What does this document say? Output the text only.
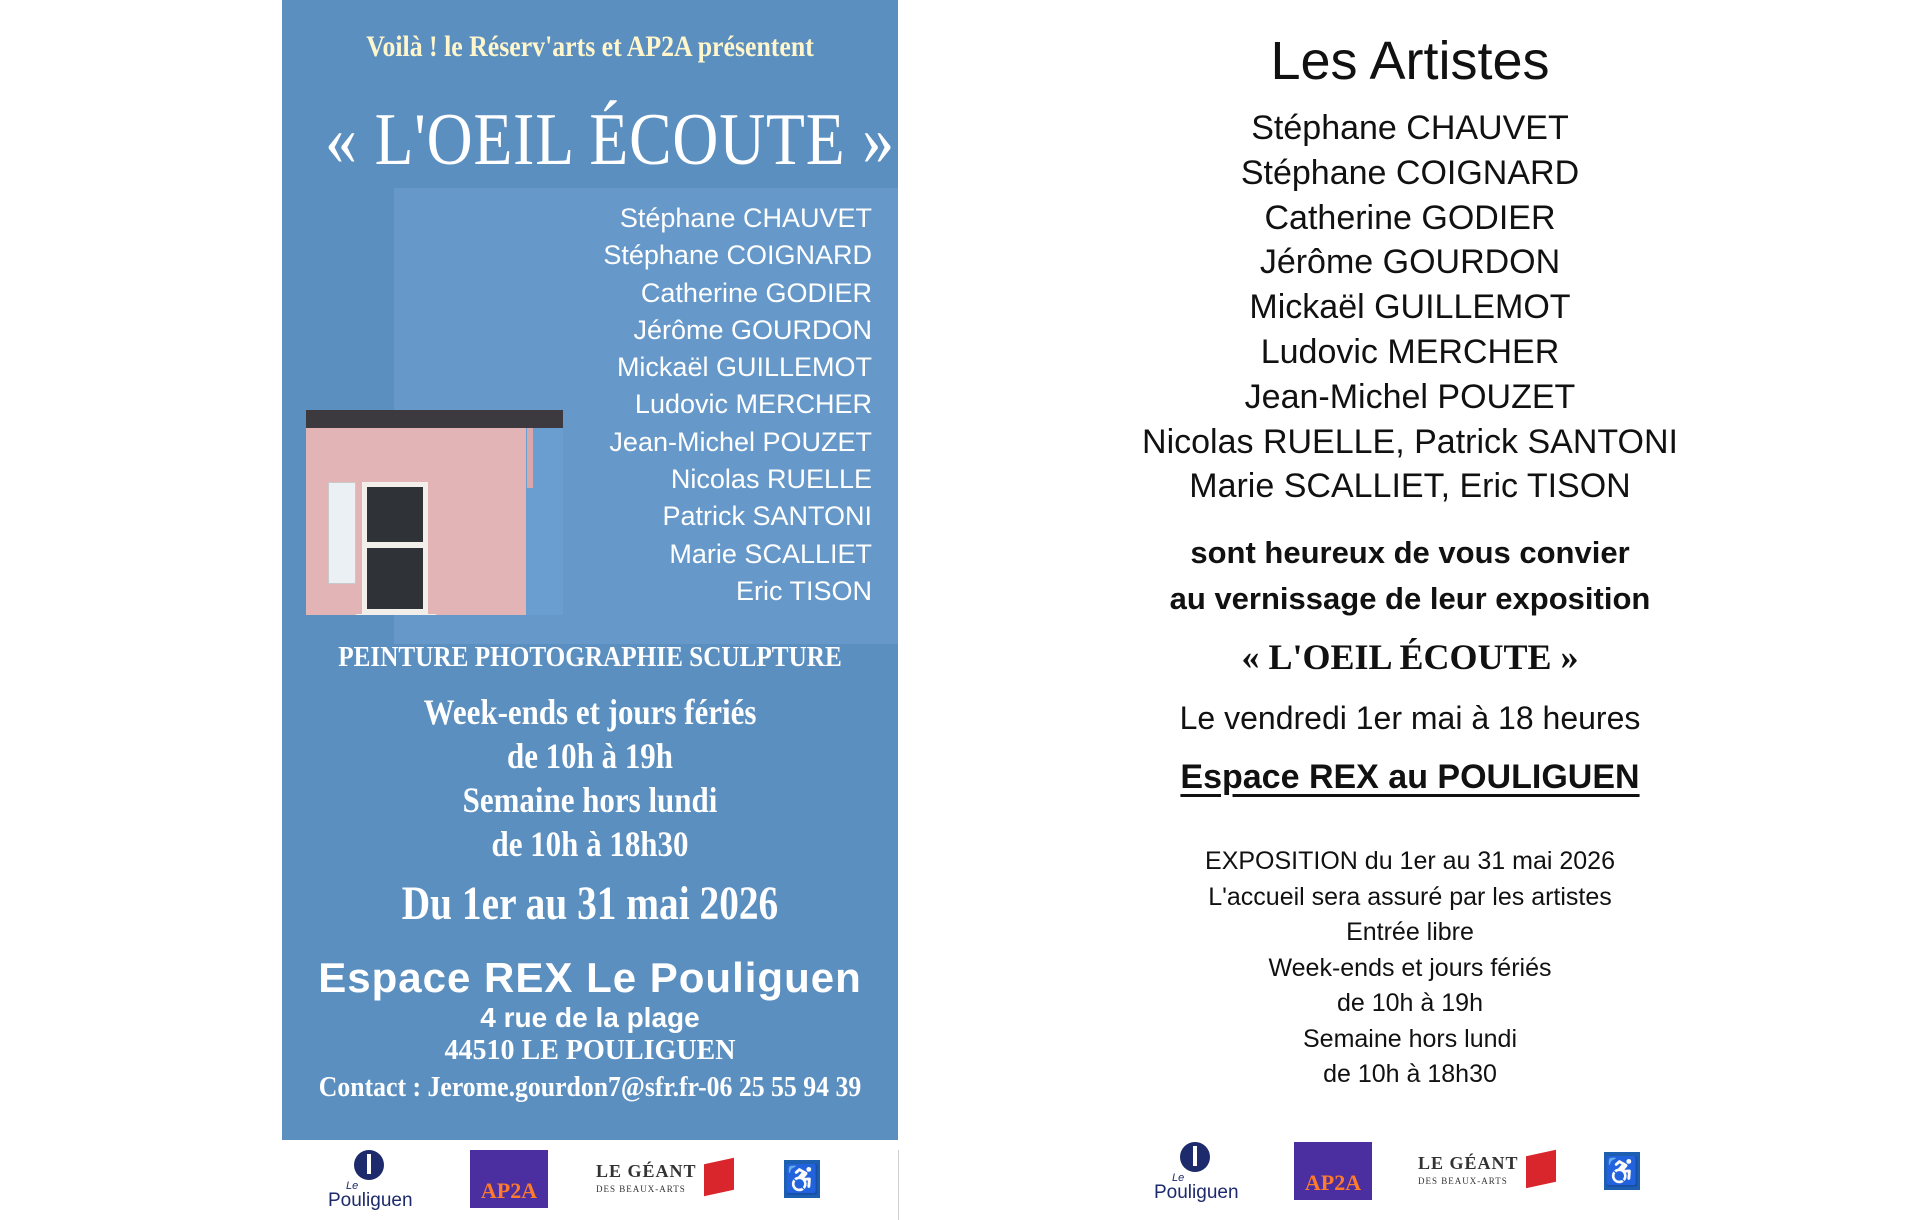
Voilà ! le Réserv'arts et AP2A présentent
« L'OEIL ÉCOUTE »
Stéphane CHAUVET
Stéphane COIGNARD
Catherine GODIER
Jérôme GOURDON
Mickaël GUILLEMOT
Ludovic MERCHER
Jean-Michel POUZET
Nicolas RUELLE
Patrick SANTONI
Marie SCALLIET
Eric TISON
PEINTURE PHOTOGRAPHIE SCULPTURE
Week-ends et jours fériés
de 10h à 19h
Semaine hors lundi
de 10h à 18h30
Du 1er au 31 mai 2026
Espace REX Le Pouliguen
4 rue de la plage
44510 LE POULIGUEN
Contact : Jerome.gourdon7@sfr.fr-06 25 55 94 39
Le
Pouliguen	AP2A
LE GÉANT
DES BEAUX-ARTS	♿
Les Artistes
Stéphane CHAUVET
Stéphane COIGNARD
Catherine GODIER
Jérôme GOURDON
Mickaël GUILLEMOT
Ludovic MERCHER
Jean-Michel POUZET
Nicolas RUELLE, Patrick SANTONI
Marie SCALLIET, Eric TISON
sont heureux de vous convier
au vernissage de leur exposition
« L'OEIL ÉCOUTE »
Le vendredi 1er mai à 18 heures
Espace REX au POULIGUEN
EXPOSITION du 1er au 31 mai 2026
L'accueil sera assuré par les artistes
Entrée libre
Week-ends et jours fériés
de 10h à 19h
Semaine hors lundi
de 10h à 18h30
Le
Pouliguen	AP2A
LE GÉANT
DES BEAUX-ARTS	♿
